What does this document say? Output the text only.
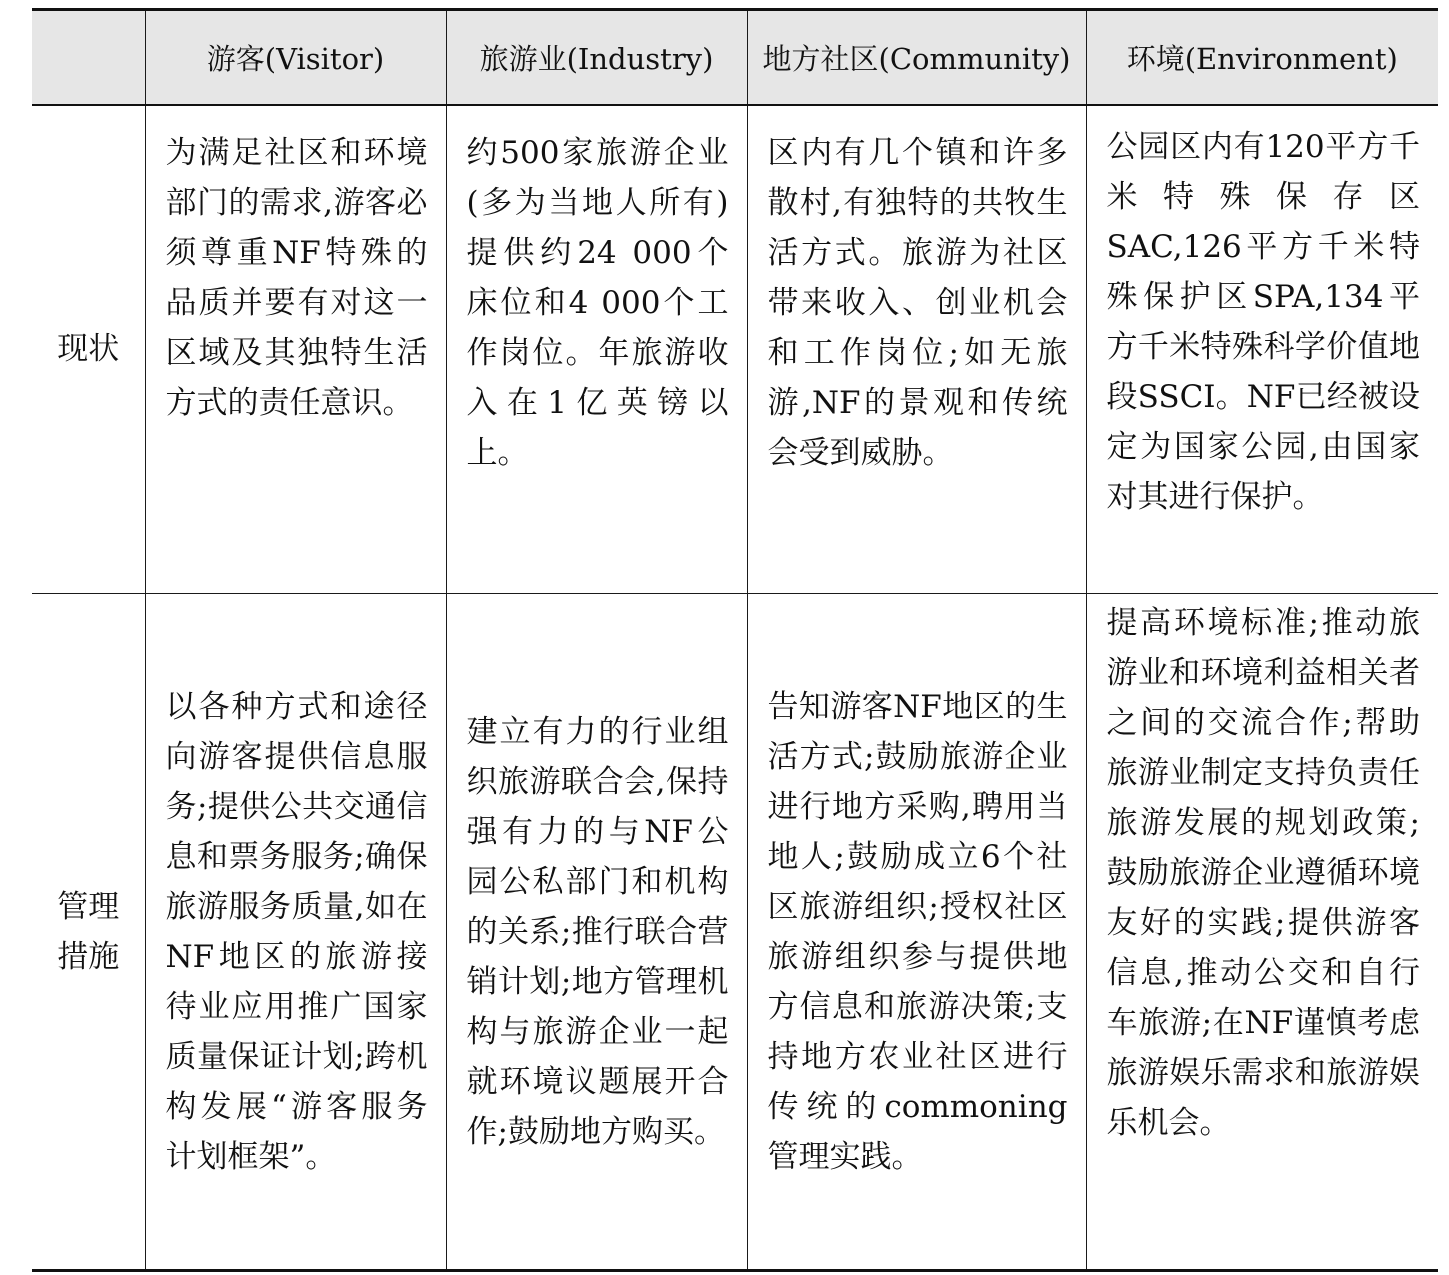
	游客(Visitor)	旅游业(Industry)	地方社区(Community)	环境(Environment)
现状	为满足社区和环境部门的需求,游客必须尊重NF特殊的品质并要有对这一区域及其独特生活方式的责任意识。	约500家旅游企业(多为当地人所有)提供约24 000个床位和4 000个工作岗位。年旅游收入在1亿英镑以上。	区内有几个镇和许多散村,有独特的共牧生活方式。旅游为社区带来收入、创业机会和工作岗位;如无旅游,NF的景观和传统会受到威胁。	公园区内有120平方千米特殊保存区SAC,126平方千米特殊保护区SPA,134平方千米特殊科学价值地段SSCI。NF已经被设定为国家公园,由国家对其进行保护。
管理措施	以各种方式和途径向游客提供信息服务;提供公共交通信息和票务服务;确保旅游服务质量,如在NF地区的旅游接待业应用推广国家质量保证计划;跨机构发展“游客服务计划框架”。	建立有力的行业组织旅游联合会,保持强有力的与NF公园公私部门和机构的关系;推行联合营销计划;地方管理机构与旅游企业一起就环境议题展开合作;鼓励地方购买。	告知游客NF地区的生活方式;鼓励旅游企业进行地方采购,聘用当地人;鼓励成立6个社区旅游组织;授权社区旅游组织参与提供地方信息和旅游决策;支持地方农业社区进行传统的commoning管理实践。	提高环境标准;推动旅游业和环境利益相关者之间的交流合作;帮助旅游业制定支持负责任旅游发展的规划政策;鼓励旅游企业遵循环境友好的实践;提供游客信息,推动公交和自行车旅游;在NF谨慎考虑旅游娱乐需求和旅游娱乐机会。
